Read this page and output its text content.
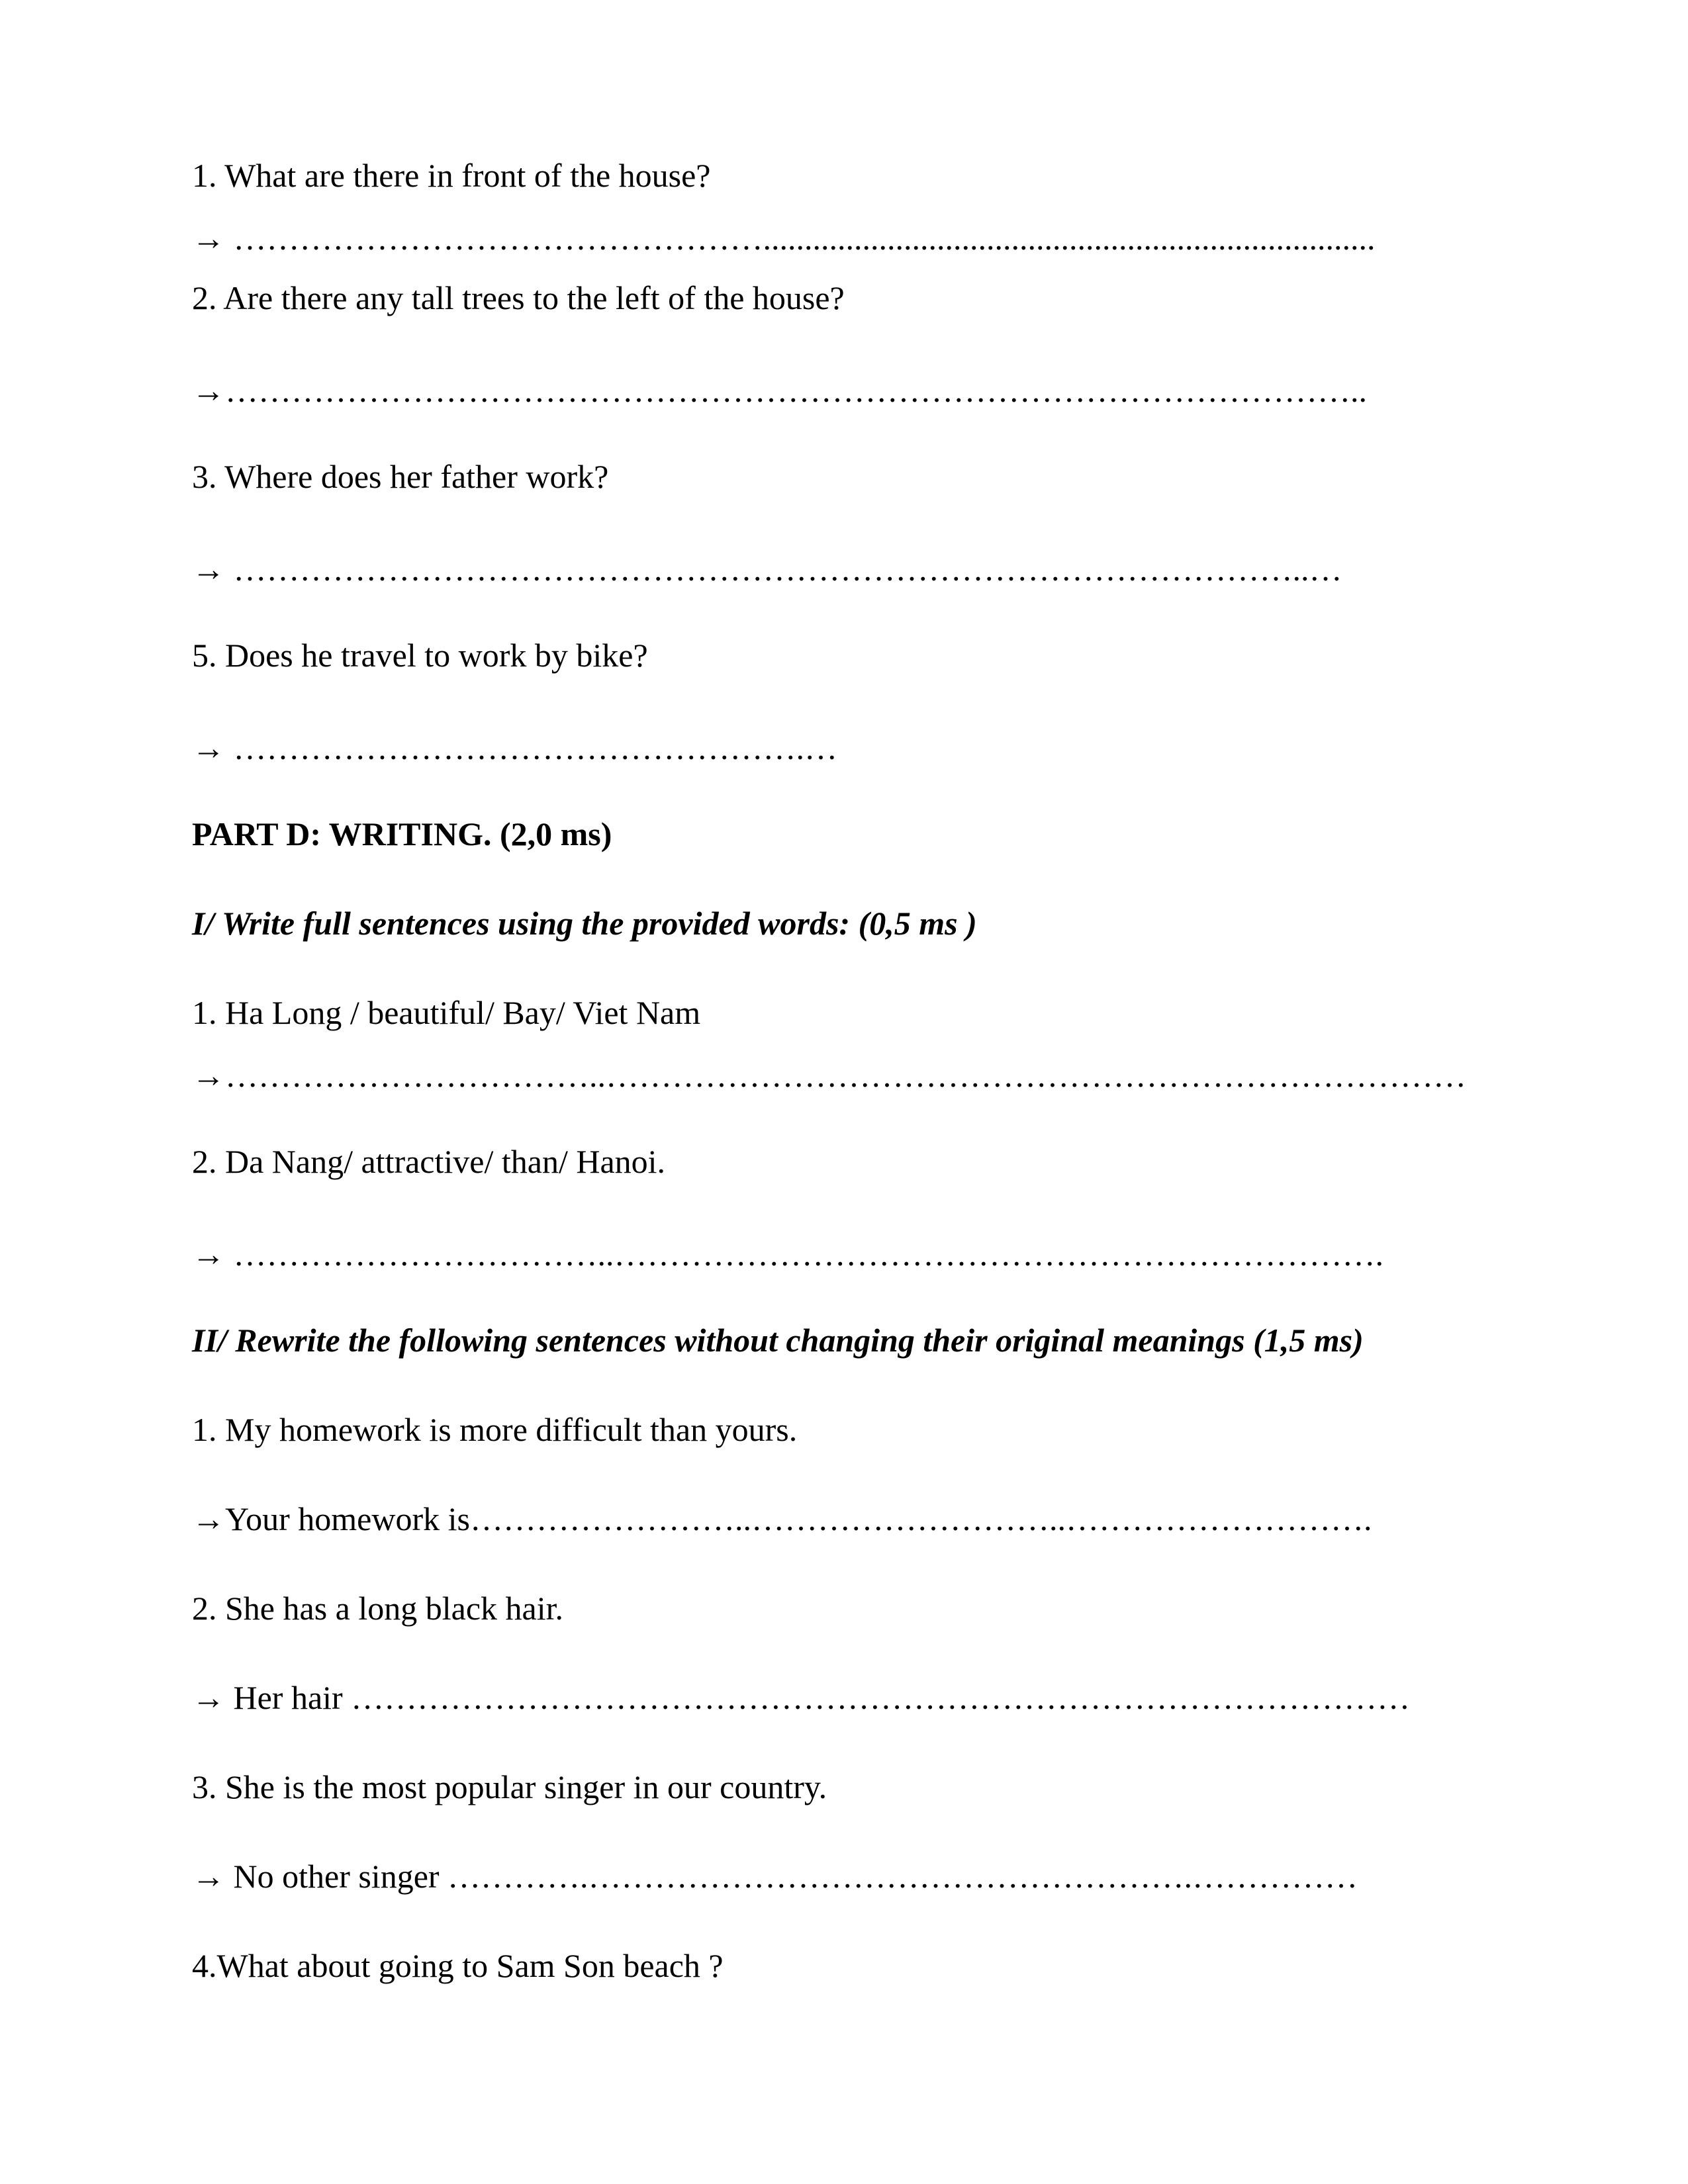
1. What are there in front of the house?
→ …………………………………………..........................................................................
2. Are there any tall trees to the left of the house?
→…………………………………………………………………………………………..
3. Where does her father work?
→ ……………………………………………………………………………………..…
5. Does he travel to work by bike?
→ …………………………………………….…
PART D: WRITING. (2,0 ms)
I/ Write full sentences using the provided words: (0,5 ms )
1. Ha Long / beautiful/ Bay/ Viet Nam
→……………………………..……………………………………………………………………
2. Da Nang/ attractive/ than/ Hanoi.
→ ……………………………..…………………………………………………………….
II/ Rewrite the following sentences without changing their original meanings (1,5 ms)
1. My homework is more difficult than yours.
→Your homework is……………………..………………………..……………………….
2. She has a long black hair.
→ Her hair ……………………………………………………………………………………
3. She is the most popular singer in our country.
→ No other singer ………….……………………………………………….……………
4.What about going to Sam Son beach ?
